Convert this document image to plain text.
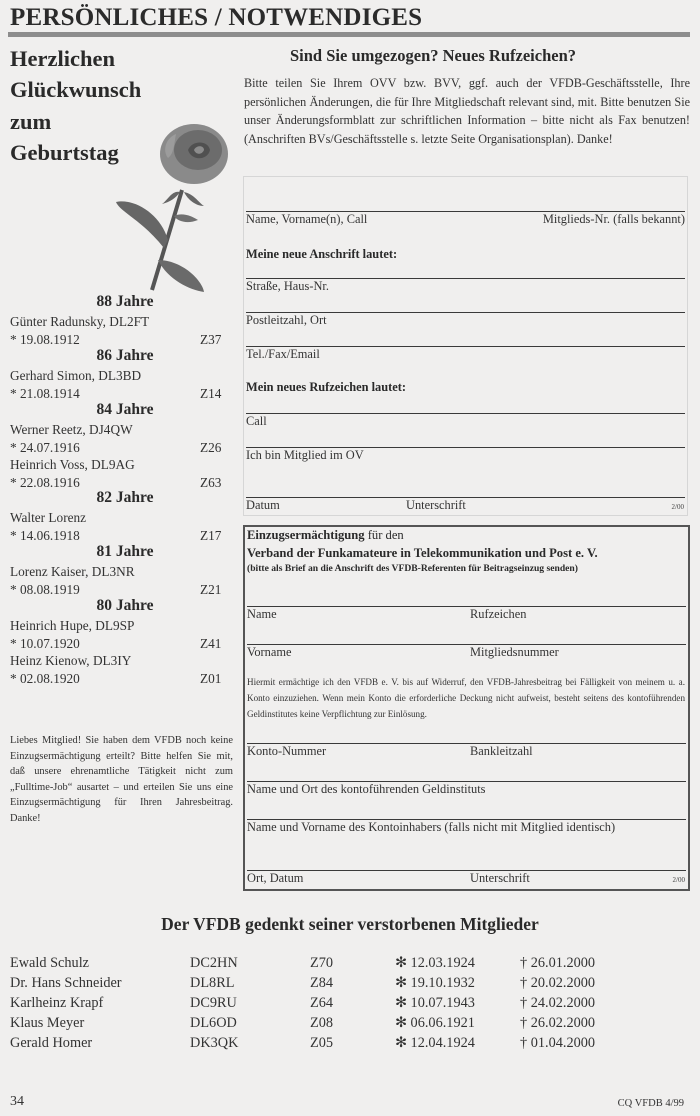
PERSÖNLICHES / NOTWENDIGES
Herzlichen
Glückwunsch
zum
Geburtstag
88 Jahre
Günter Radunsky, DL2FT
* 19.08.1912	Z37
86 Jahre
Gerhard Simon, DL3BD
* 21.08.1914	Z14
84 Jahre
Werner Reetz, DJ4QW
* 24.07.1916	Z26
Heinrich Voss, DL9AG
* 22.08.1916	Z63
82 Jahre
Walter Lorenz
* 14.06.1918	Z17
81 Jahre
Lorenz Kaiser, DL3NR
* 08.08.1919	Z21
80 Jahre
Heinrich Hupe, DL9SP
* 10.07.1920	Z41
Heinz Kienow, DL3IY
* 02.08.1920	Z01
Liebes Mitglied! Sie haben dem VFDB noch keine Einzugsermächtigung erteilt? Bitte helfen Sie mit, daß unsere ehrenamtliche Tätigkeit nicht zum „Fulltime-Job“ ausartet – und erteilen Sie uns eine Einzugsermächtigung für Ihren Jahresbeitrag. Danke!
Sind Sie umgezogen? Neues Rufzeichen?
Bitte teilen Sie Ihrem OVV bzw. BVV, ggf. auch der VFDB-Geschäftsstelle, Ihre persönlichen Änderungen, die für Ihre Mitgliedschaft relevant sind, mit. Bitte benutzen Sie unser Änderungsformblatt zur schriftlichen Information – bitte nicht als Fax benutzen! (Anschriften BVs/Geschäftsstelle s. letzte Seite Organisationsplan). Danke!
Name, Vorname(n), Call	Mitglieds-Nr. (falls bekannt)
Meine neue Anschrift lautet:
Straße, Haus-Nr.
Postleitzahl, Ort
Tel./Fax/Email
Mein neues Rufzeichen lautet:
Call
Ich bin Mitglied im OV
Datum	Unterschrift	2/00
Einzugsermächtigung für den
Verband der Funkamateure in Telekommunikation und Post e. V.
(bitte als Brief an die Anschrift des VFDB-Referenten für Beitragseinzug senden)
Name	Rufzeichen
Vorname	Mitgliedsnummer
Hiermit ermächtige ich den VFDB e. V. bis auf Widerruf, den VFDB-Jahresbeitrag bei Fälligkeit von meinem u. a. Konto einzuziehen. Wenn mein Konto die erforderliche Deckung nicht aufweist, besteht seitens des kontoführenden Geldinstitutes keine Verpflichtung zur Einlösung.
Konto-Nummer	Bankleitzahl
Name und Ort des kontoführenden Geldinstituts
Name und Vorname des Kontoinhabers (falls nicht mit Mitglied identisch)
Ort, Datum	Unterschrift	2/00
Der VFDB gedenkt seiner verstorbenen Mitglieder
Ewald Schulz	DC2HN	Z70	✻ 12.03.1924	† 26.01.2000
Dr. Hans Schneider	DL8RL	Z84	✻ 19.10.1932	† 20.02.2000
Karlheinz Krapf	DC9RU	Z64	✻ 10.07.1943	† 24.02.2000
Klaus Meyer	DL6OD	Z08	✻ 06.06.1921	† 26.02.2000
Gerald Homer	DK3QK	Z05	✻ 12.04.1924	† 01.04.2000
34	CQ VFDB 4/99
